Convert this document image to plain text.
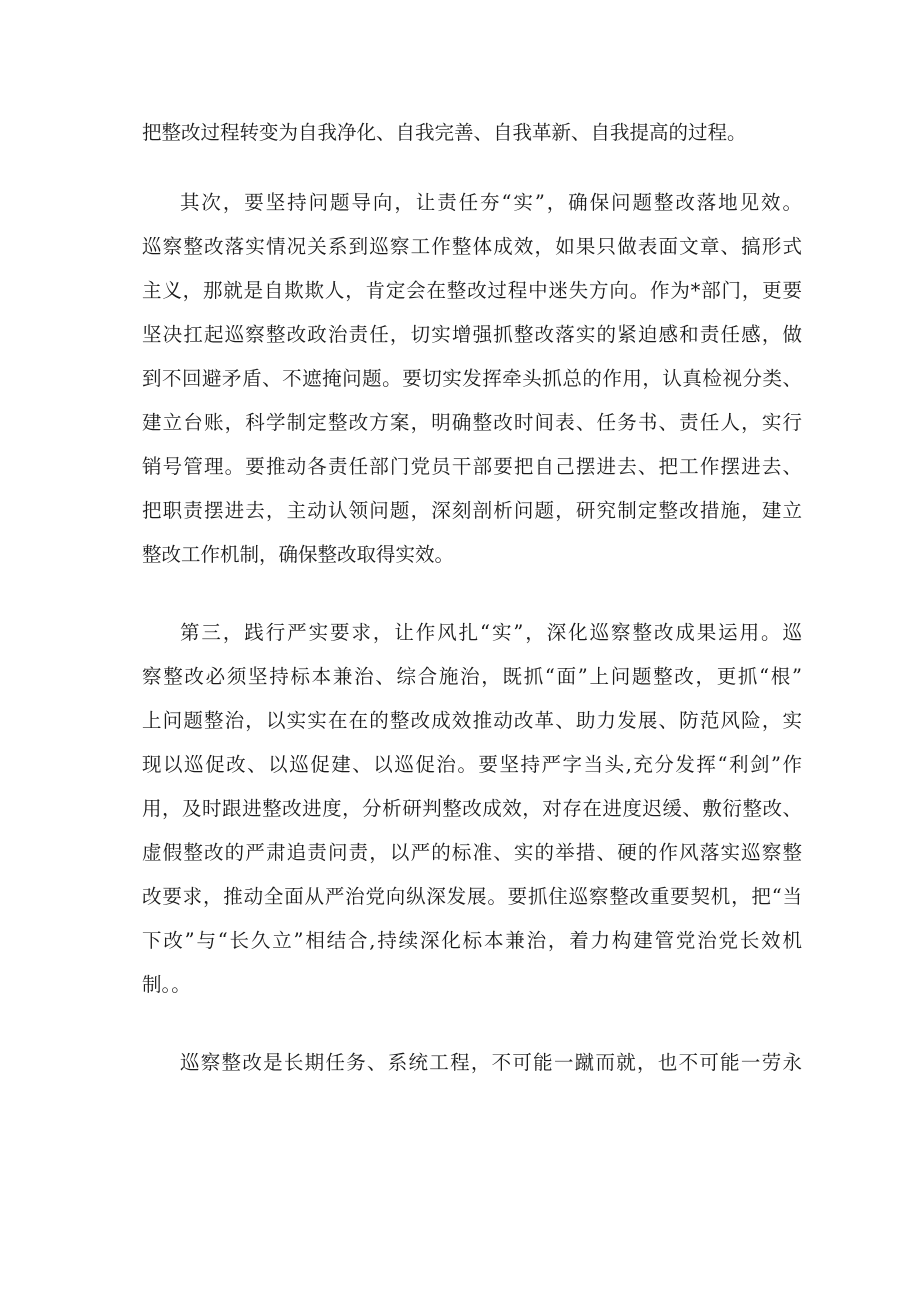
把整改过程转变为自我净化、自我完善、自我革新、自我提高的过程。
其次，要坚持问题导向，让责任夯“实”，确保问题整改落地见效。
巡察整改落实情况关系到巡察工作整体成效，如果只做表面文章、搞形式
主义，那就是自欺欺人，肯定会在整改过程中迷失方向。作为*部门，更要
坚决扛起巡察整改政治责任，切实增强抓整改落实的紧迫感和责任感，做
到不回避矛盾、不遮掩问题。要切实发挥牵头抓总的作用，认真检视分类、
建立台账，科学制定整改方案，明确整改时间表、任务书、责任人，实行
销号管理。要推动各责任部门党员干部要把自己摆进去、把工作摆进去、
把职责摆进去，主动认领问题，深刻剖析问题，研究制定整改措施，建立
整改工作机制，确保整改取得实效。
第三，践行严实要求，让作风扎“实”，深化巡察整改成果运用。巡
察整改必须坚持标本兼治、综合施治，既抓“面”上问题整改，更抓“根”
上问题整治，以实实在在的整改成效推动改革、助力发展、防范风险，实
现以巡促改、以巡促建、以巡促治。要坚持严字当头,充分发挥“利剑”作
用，及时跟进整改进度，分析研判整改成效，对存在进度迟缓、敷衍整改、
虚假整改的严肃追责问责，以严的标准、实的举措、硬的作风落实巡察整
改要求，推动全面从严治党向纵深发展。要抓住巡察整改重要契机，把“当
下改”与“长久立”相结合,持续深化标本兼治，着力构建管党治党长效机
制。。
巡察整改是长期任务、系统工程，不可能一蹴而就，也不可能一劳永
